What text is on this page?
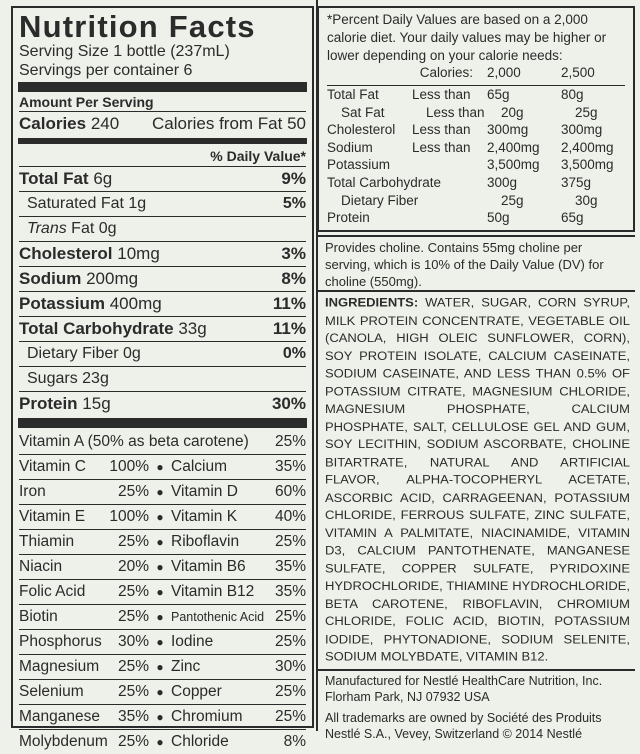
Nutrition Facts
Serving Size 1 bottle (237mL)
Servings per container 6
Amount Per Serving
Calories 240 Calories from Fat 50
% Daily Value*
Total Fat 6g	9%
Saturated Fat 1g	5%
Trans Fat 0g
Cholesterol 10mg	3%
Sodium 200mg	8%
Potassium 400mg	11%
Total Carbohydrate 33g	11%
Dietary Fiber 0g	0%
Sugars 23g
Protein 15g	30%
Vitamin A (50% as beta carotene) 25%
Vitamin C	100% ● Calcium	35%
Iron	25% ● Vitamin D	60%
Vitamin E	100% ● Vitamin K	40%
Thiamin	25% ● Riboflavin	25%
Niacin	20% ● Vitamin B6	35%
Folic Acid	25% ● Vitamin B12	35%
Biotin	25% ● Pantothenic Acid 25%
Phosphorus	30% ● Iodine	25%
Magnesium	25% ● Zinc	30%
Selenium	25% ● Copper	25%
Manganese	35% ● Chromium	25%
Molybdenum 25% ● Chloride	8%
*Percent Daily Values are based on a 2,000 calorie diet. Your daily values may be higher or lower depending on your calorie needs:
Calories:	2,000	2,500
Total Fat	Less than	65g	80g
Sat Fat	Less than	20g	25g
Cholesterol	Less than	300mg	300mg
Sodium	Less than	2,400mg	2,400mg
Potassium	3,500mg	3,500mg
Total Carbohydrate	300g	375g
Dietary Fiber	25g	30g
Protein	50g	65g
Provides choline. Contains 55mg choline per serving, which is 10% of the Daily Value (DV) for choline (550mg).
INGREDIENTS: WATER, SUGAR, CORN SYRUP, MILK PROTEIN CONCENTRATE, VEGETABLE OIL (CANOLA, HIGH OLEIC SUNFLOWER, CORN), SOY PROTEIN ISOLATE, CALCIUM CASEINATE, SODIUM CASEINATE, AND LESS THAN 0.5% OF POTASSIUM CITRATE, MAGNESIUM CHLORIDE, MAGNESIUM PHOSPHATE, CALCIUM PHOSPHATE, SALT, CELLULOSE GEL AND GUM, SOY LECITHIN, SODIUM ASCORBATE, CHOLINE BITARTRATE, NATURAL AND ARTIFICIAL FLAVOR, ALPHA-TOCOPHERYL ACETATE, ASCORBIC ACID, CARRAGEENAN, POTASSIUM CHLORIDE, FERROUS SULFATE, ZINC SULFATE, VITAMIN A PALMITATE, NIACINAMIDE, VITAMIN D3, CALCIUM PANTOTHENATE, MANGANESE SULFATE, COPPER SULFATE, PYRIDOXINE HYDROCHLORIDE, THIAMINE HYDROCHLORIDE, BETA CAROTENE, RIBOFLAVIN, CHROMIUM CHLORIDE, FOLIC ACID, BIOTIN, POTASSIUM IODIDE, PHYTONADIONE, SODIUM SELENITE, SODIUM MOLYBDATE, VITAMIN B12.
Manufactured for Nestlé HealthCare Nutrition, Inc. Florham Park, NJ 07932 USA
All trademarks are owned by Société des Produits Nestlé S.A., Vevey, Switzerland © 2014 Nestlé
